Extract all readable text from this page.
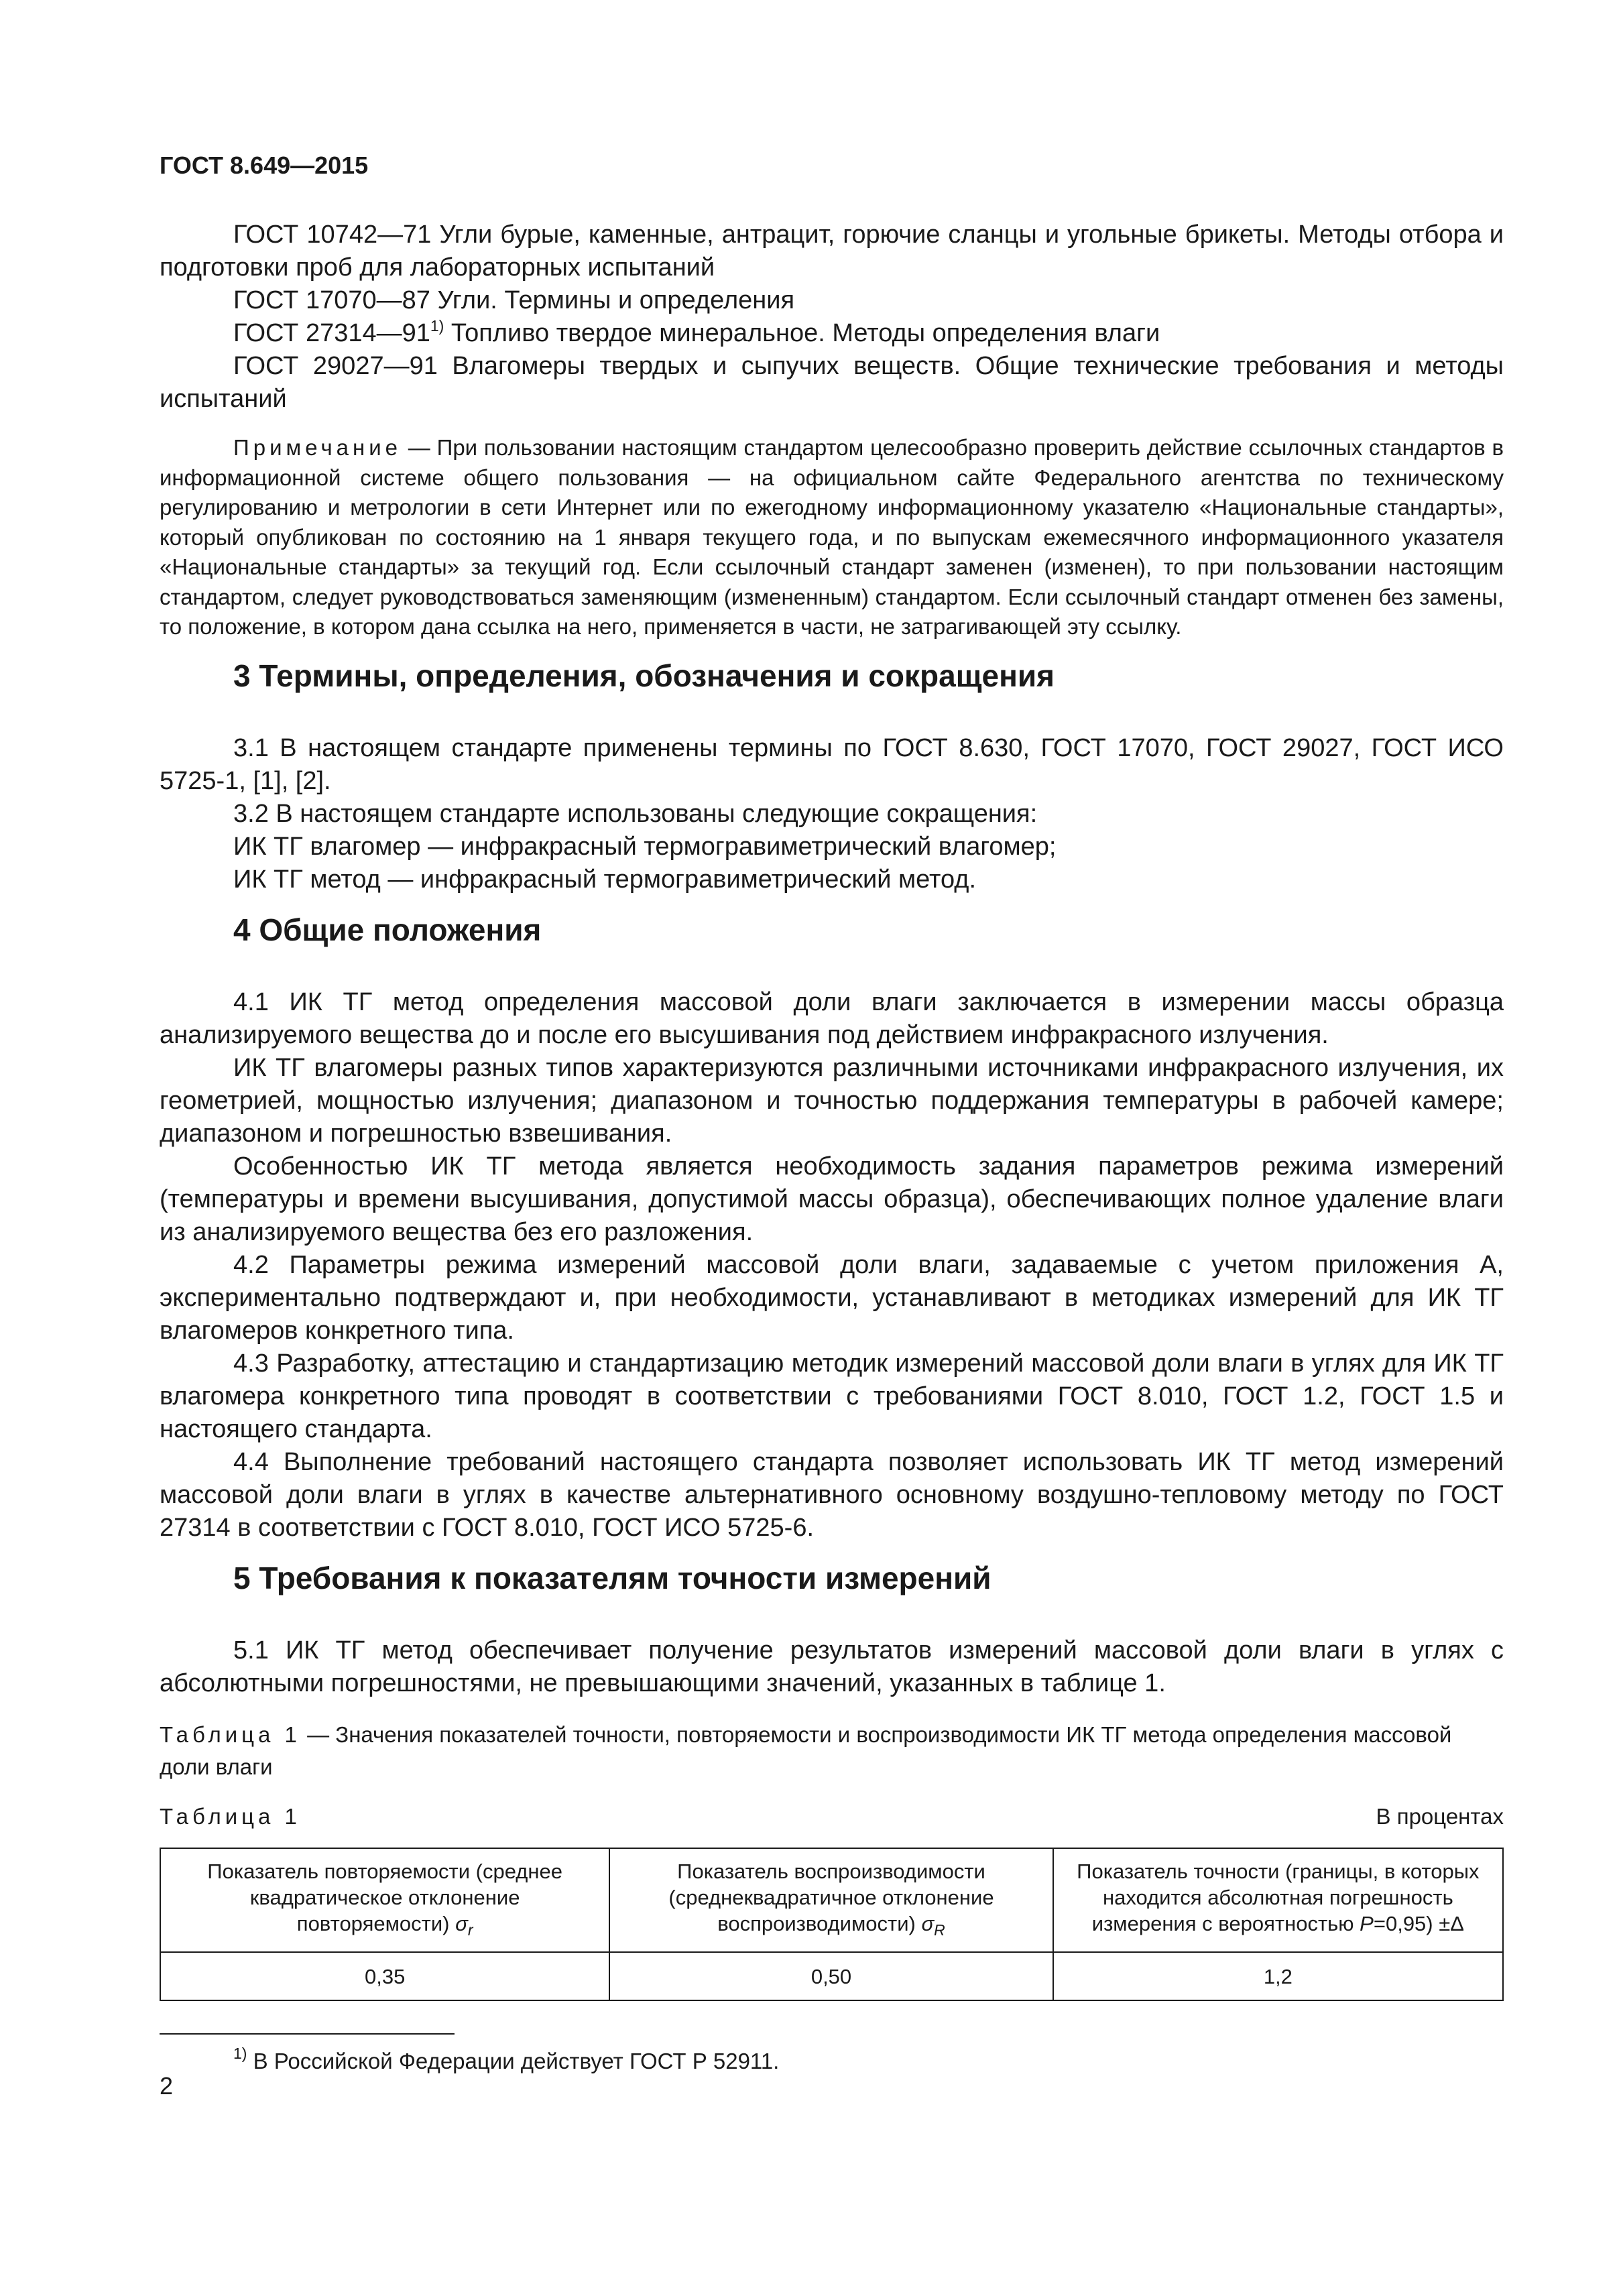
ГОСТ 8.649—2015

ГОСТ 10742—71 Угли бурые, каменные, антрацит, горючие сланцы и угольные брикеты. Методы отбора и подготовки проб для лабораторных испытаний

ГОСТ 17070—87 Угли. Термины и определения

ГОСТ 27314—91$^{1)}$ Топливо твердое минеральное. Методы определения влаги

ГОСТ 29027—91 Влагомеры твердых и сыпучих веществ. Общие технические требования и методы испытаний

Примечание — При пользовании настоящим стандартом целесообразно проверить действие ссылочных стандартов в информационной системе общего пользования — на официальном сайте Федерального агентства по техническому регулированию и метрологии в сети Интернет или по ежегодному информационному указателю «Национальные стандарты», который опубликован по состоянию на 1 января текущего года, и по выпускам ежемесячного информационного указателя «Национальные стандарты» за текущий год. Если ссылочный стандарт заменен (изменен), то при пользовании настоящим стандартом, следует руководствоваться заменяющим (измененным) стандартом. Если ссылочный стандарт отменен без замены, то положение, в котором дана ссылка на него, применяется в части, не затрагивающей эту ссылку.

3 Термины, определения, обозначения и сокращения

3.1 В настоящем стандарте применены термины по ГОСТ 8.630, ГОСТ 17070, ГОСТ 29027, ГОСТ ИСО 5725-1, [1], [2].

3.2 В настоящем стандарте использованы следующие сокращения:

ИК ТГ влагомер — инфракрасный термогравиметрический влагомер;

ИК ТГ метод — инфракрасный термогравиметрический метод.

4 Общие положения

4.1 ИК ТГ метод определения массовой доли влаги заключается в измерении массы образца анализируемого вещества до и после его высушивания под действием инфракрасного излучения.

ИК ТГ влагомеры разных типов характеризуются различными источниками инфракрасного излучения, их геометрией, мощностью излучения; диапазоном и точностью поддержания температуры в рабочей камере; диапазоном и погрешностью взвешивания.

Особенностью ИК ТГ метода является необходимость задания параметров режима измерений (температуры и времени высушивания, допустимой массы образца), обеспечивающих полное удаление влаги из анализируемого вещества без его разложения.

4.2 Параметры режима измерений массовой доли влаги, задаваемые с учетом приложения А, экспериментально подтверждают и, при необходимости, устанавливают в методиках измерений для ИК ТГ влагомеров конкретного типа.

4.3 Разработку, аттестацию и стандартизацию методик измерений массовой доли влаги в углях для ИК ТГ влагомера конкретного типа проводят в соответствии с требованиями ГОСТ 8.010, ГОСТ 1.2, ГОСТ 1.5 и настоящего стандарта.

4.4 Выполнение требований настоящего стандарта позволяет использовать ИК ТГ метод измерений массовой доли влаги в углях в качестве альтернативного основному воздушно-тепловому методу по ГОСТ 27314 в соответствии с ГОСТ 8.010, ГОСТ ИСО 5725-6.

5 Требования к показателям точности измерений

5.1 ИК ТГ метод обеспечивает получение результатов измерений массовой доли влаги в углях с абсолютными погрешностями, не превышающими значений, указанных в таблице 1.

Таблица 1 — Значения показателей точности, повторяемости и воспроизводимости ИК ТГ метода определения массовой доли влаги

Таблица 1	В процентах
Показатель повторяемости (среднее квадратическое отклонение повторяемости) $\sigma_r$	Показатель воспроизводимости (среднеквадратичное отклонение воспроизводимости) $\sigma_R$	Показатель точности (границы, в которых находится абсолютная погрешность измерения с вероятностью P=0,95) ±Δ
0,35	0,50	1,2

$^{1)}$ В Российской Федерации действует ГОСТ Р 52911.

2
